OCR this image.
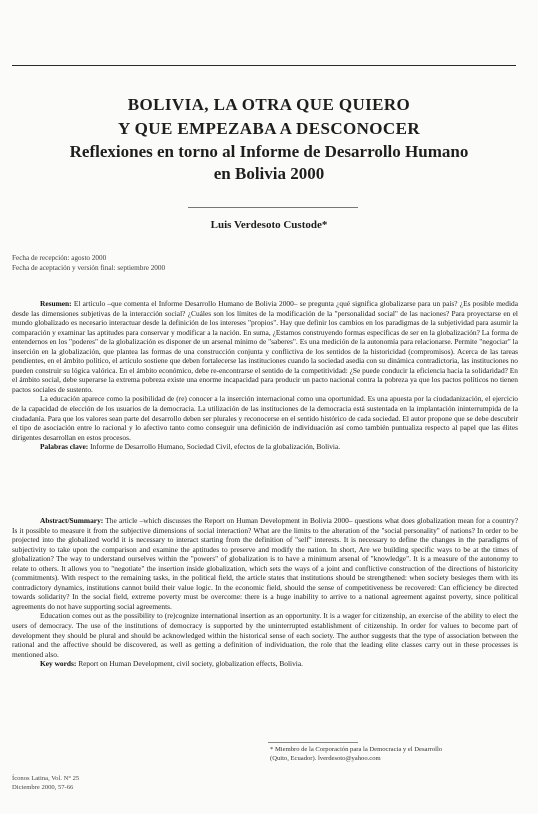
BOLIVIA, LA OTRA QUE QUIERO
Y QUE EMPEZABA A DESCONOCER
Reflexiones en torno al Informe de Desarrollo Humano
en Bolivia 2000
Luis Verdesoto Custode*
Fecha de recepción: agosto 2000
Fecha de aceptación y versión final: septiembre 2000

Resumen: El artículo –que comenta el Informe Desarrollo Humano de Bolivia 2000– se pregunta ¿qué significa globalizarse para un país? ¿Es posible medida desde las dimensiones subjetivas de la interacción social? ¿Cuáles son los límites de la modificación de la "personalidad social" de las naciones? Para proyectarse en el mundo globalizado es necesario interactuar desde la definición de los intereses "propios". Hay que definir los cambios en los paradigmas de la subjetividad para asumir la comparación y examinar las aptitudes para conservar y modificar a la nación. En suma, ¿Estamos construyendo formas específicas de ser en la globalización? La forma de entendernos en los "poderes" de la globalización es disponer de un arsenal mínimo de "saberes". Es una medición de la autonomía para relacionarse. Permite "negociar" la inserción en la globalización, que plantea las formas de una construcción conjunta y conflictiva de los sentidos de la historicidad (compromisos). Acerca de las tareas pendientes, en el ámbito político, el artículo sostiene que deben fortalecerse las instituciones cuando la sociedad asedia con su dinámica contradictoria, las instituciones no pueden construir su lógica valórica. En el ámbito económico, debe re-encontrarse el sentido de la competitividad: ¿Se puede conducir la eficiencia hacia la solidaridad? En el ámbito social, debe superarse la extrema pobreza existe una enorme incapacidad para producir un pacto nacional contra la pobreza ya que los pactos políticos no tienen pactos sociales de sustento.

La educación aparece como la posibilidad de (re) conocer a la inserción internacional como una oportunidad. Es una apuesta por la ciudadanización, el ejercicio de la capacidad de elección de los usuarios de la democracia. La utilización de las instituciones de la democracia está sustentada en la implantación ininterrumpida de la ciudadanía. Para que los valores sean parte del desarrollo deben ser plurales y reconocerse en el sentido histórico de cada sociedad. El autor propone que se debe descubrir el tipo de asociación entre lo racional y lo afectivo tanto como conseguir una definición de individuación así como también puntualiza respecto al papel que las élites dirigentes desarrollan en estos procesos.

Palabras clave: Informe de Desarrollo Humano, Sociedad Civil, efectos de la globalización, Bolivia.

Abstract/Summary: The article –which discusses the Report on Human Development in Bolivia 2000– questions what does globalization mean for a country? Is it possible to measure it from the subjective dimensions of social interaction? What are the limits to the alteration of the "social personality" of nations? In order to be projected into the globalized world it is necessary to interact starting from the definition of "self" interests. It is necessary to define the changes in the paradigms of subjectivity to take upon the comparison and examine the aptitudes to preserve and modify the nation. In short, Are we building specific ways to be at the times of globalization? The way to understand ourselves within the "powers" of globalization is to have a minimum arsenal of "knowledge". It is a measure of the autonomy to relate to others. It allows you to "negotiate" the insertion inside globalization, which sets the ways of a joint and conflictive construction of the directions of historicity (commitments). With respect to the remaining tasks, in the political field, the article states that institutions should be strengthened: when society besieges them with its contradictory dynamics, institutions cannot build their value logic. In the economic field, should the sense of competitiveness be recovered: Can efficiency be directed towards solidarity? In the social field, extreme poverty must be overcome: there is a huge inability to arrive to a national agreement against poverty, since political agreements do not have supporting social agreements.

Education comes out as the possibility to (re)cognize international insertion as an opportunity. It is a wager for citizenship, an exercise of the ability to elect the users of democracy. The use of the institutions of democracy is supported by the uninterrupted establishment of citizenship. In order for values to become part of development they should be plural and should be acknowledged within the historical sense of each society. The author suggests that the type of association between the rational and the affective should be discovered, as well as getting a definition of individuation, the role that the leading elite classes carry out in these processes is mentioned also.

Key words: Report on Human Development, civil society, globalization effects, Bolivia.

* Miembro de la Corporación para la Democracia y el Desarrollo
(Quito, Ecuador). lverdesoto@yahoo.com
Íconos Latina, Vol. N° 25
Diciembre 2000, 57-66
